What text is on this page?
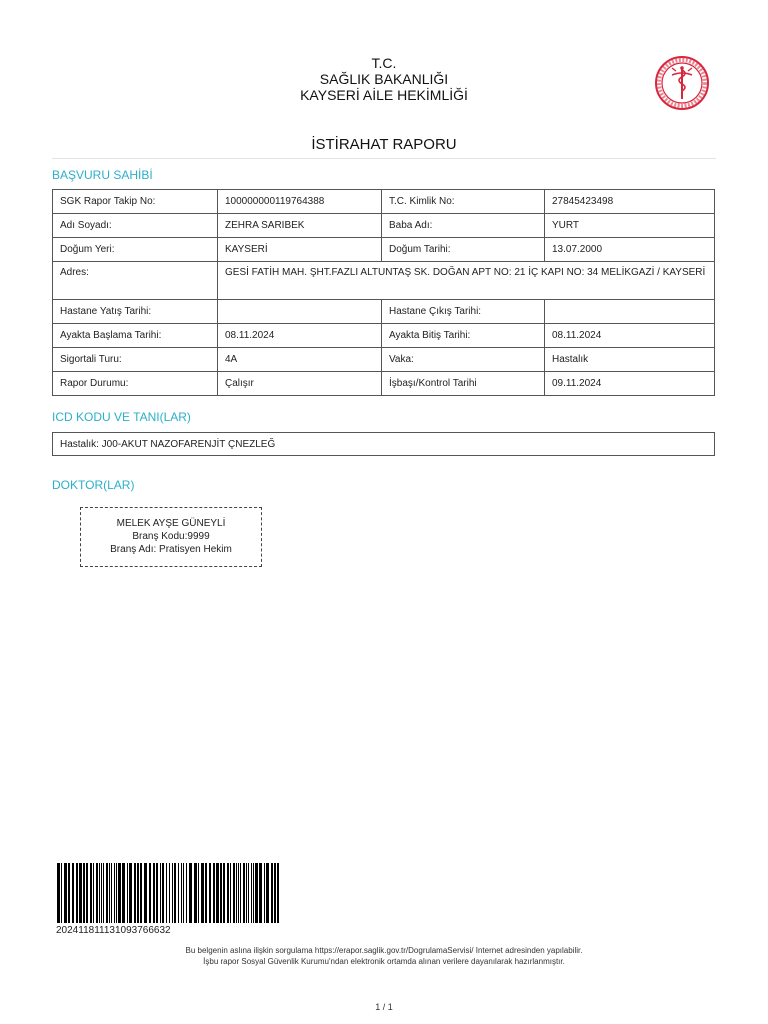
T.C.
SAĞLIK BAKANLIĞI
KAYSERİ AİLE HEKİMLİĞİ
İSTİRAHAT RAPORU
BAŞVURU SAHİBİ
SGK Rapor Takip No:	100000000119764388	T.C. Kimlik No:	27845423498
Adı Soyadı:	ZEHRA SARIBEK	Baba Adı:	YURT
Doğum Yeri:	KAYSERİ	Doğum Tarihi:	13.07.2000
Adres:	GESİ FATİH MAH. ŞHT.FAZLI ALTUNTAŞ SK. DOĞAN APT NO: 21 İÇ KAPI NO: 34 MELİKGAZİ / KAYSERİ		
Hastane Yatış Tarihi:		Hastane Çıkış Tarihi:	
Ayakta Başlama Tarihi:	08.11.2024	Ayakta Bitiş Tarihi:	08.11.2024
Sigortali Turu:	4A	Vaka:	Hastalık
Rapor Durumu:	Çalışır	İşbaşı/Kontrol Tarihi	09.11.2024
ICD KODU VE TANI(LAR)
Hastalık: J00-AKUT NAZOFARENJİT ÇNEZLEĞ
DOKTOR(LAR)
MELEK AYŞE GÜNEYLİ
Branş Kodu:9999
Branş Adı: Pratisyen Hekim
20241181113109376663​2
Bu belgenin aslına ilişkin sorgulama https://erapor.saglik.gov.tr/DogrulamaServisi/ Internet adresinden yapılabilir.
İşbu rapor Sosyal Güvenlik Kurumu'ndan elektronik ortamda alınan verilere dayanılarak hazırlanmıştır.
1 / 1
